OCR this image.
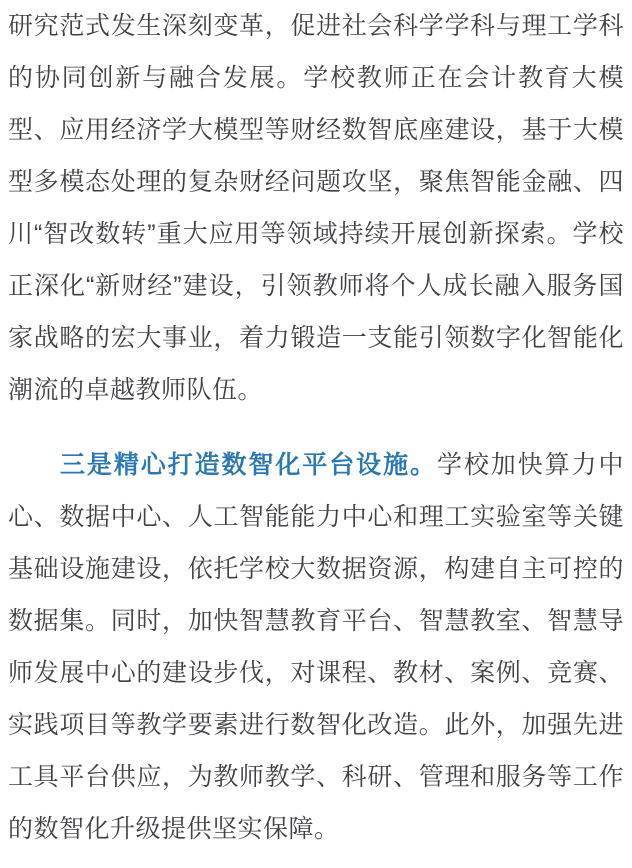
研究范式发生深刻变革，促进社会科学学科与理工学科
的协同创新与融合发展。学校教师正在会计教育大模
型、应用经济学大模型等财经数智底座建设，基于大模
型多模态处理的复杂财经问题攻坚，聚焦智能金融、四
川“智改数转”重大应用等领域持续开展创新探索。学校
正深化“新财经”建设，引领教师将个人成长融入服务国
家战略的宏大事业，着力锻造一支能引领数字化智能化
潮流的卓越教师队伍。
三是精心打造数智化平台设施。学校加快算力中
心、数据中心、人工智能能力中心和理工实验室等关键
基础设施建设，依托学校大数据资源，构建自主可控的
数据集。同时，加快智慧教育平台、智慧教室、智慧导
师发展中心的建设步伐，对课程、教材、案例、竞赛、
实践项目等教学要素进行数智化改造。此外，加强先进
工具平台供应，为教师教学、科研、管理和服务等工作
的数智化升级提供坚实保障。
